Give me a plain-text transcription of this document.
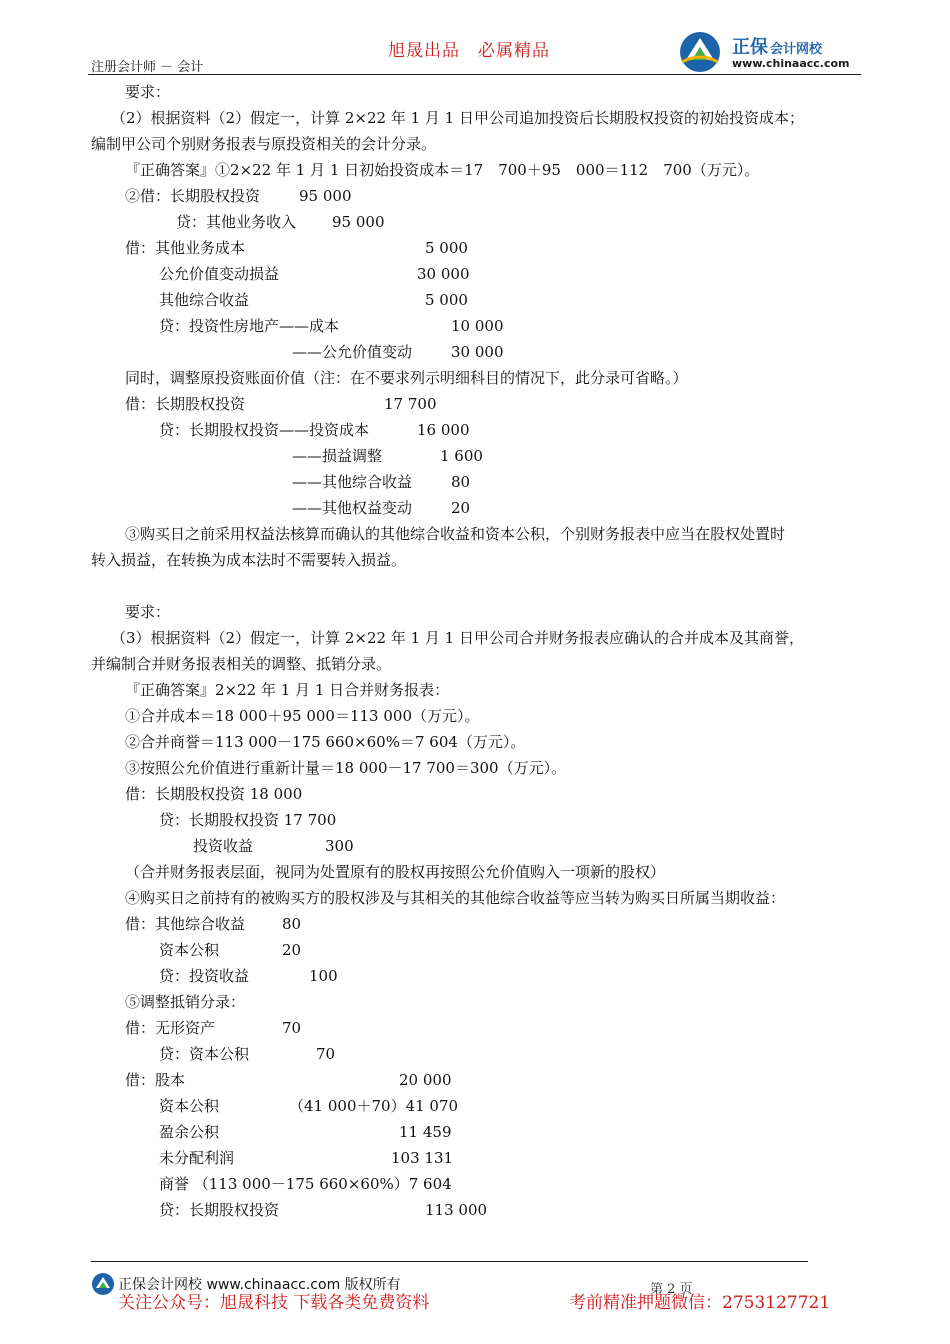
旭晟出品 必属精品
注册会计师 － 会计
正保 会计网校
www.chinaacc.com
要求：
（2）根据资料（2）假定一，计算 2×22 年 1 月 1 日甲公司追加投资后长期股权投资的初始投资成本；
编制甲公司个别财务报表与原投资相关的会计分录。
『正确答案』①2×22 年 1 月 1 日初始投资成本＝17　700＋95　000＝112　700（万元）。
②借：长期股权投资	95 000
贷：其他业务收入 95 000
借：其他业务成本	5 000
公允价值变动损益	30 000
其他综合收益	5 000
贷：投资性房地产——成本	10 000
——公允价值变动	30 000
同时，调整原投资账面价值（注：在不要求列示明细科目的情况下，此分录可省略。）
借：长期股权投资	17 700
贷：长期股权投资——投资成本	16 000
——损益调整	1 600
——其他综合收益	80
——其他权益变动	20
③购买日之前采用权益法核算而确认的其他综合收益和资本公积，个别财务报表中应当在股权处置时
转入损益，在转换为成本法时不需要转入损益。
要求：
（3）根据资料（2）假定一，计算 2×22 年 1 月 1 日甲公司合并财务报表应确认的合并成本及其商誉，
并编制合并财务报表相关的调整、抵销分录。
『正确答案』2×22 年 1 月 1 日合并财务报表：
①合并成本＝18 000＋95 000＝113 000（万元）。
②合并商誉＝113 000－175 660×60%＝7 604（万元）。
③按照公允价值进行重新计量＝18 000－17 700＝300（万元）。
借：长期股权投资 18 000
贷：长期股权投资 17 700
投资收益	300
（合并财务报表层面，视同为处置原有的股权再按照公允价值购入一项新的股权）
④购买日之前持有的被购买方的股权涉及与其相关的其他综合收益等应当转为购买日所属当期收益：
借：其他综合收益 80
资本公积	20
贷：投资收益	100
⑤调整抵销分录：
借：无形资产	70
贷：资本公积	70
借：股本	20 000
资本公积	（41 000＋70）41 070
盈余公积	11 459
未分配利润	103 131
商誉 （113 000－175 660×60%）7 604
贷：长期股权投资	113 000
正保会计网校 www.chinaacc.com 版权所有	第 2 页
关注公众号：旭晟科技 下载各类免费资料	考前精准押题微信：2753127721
